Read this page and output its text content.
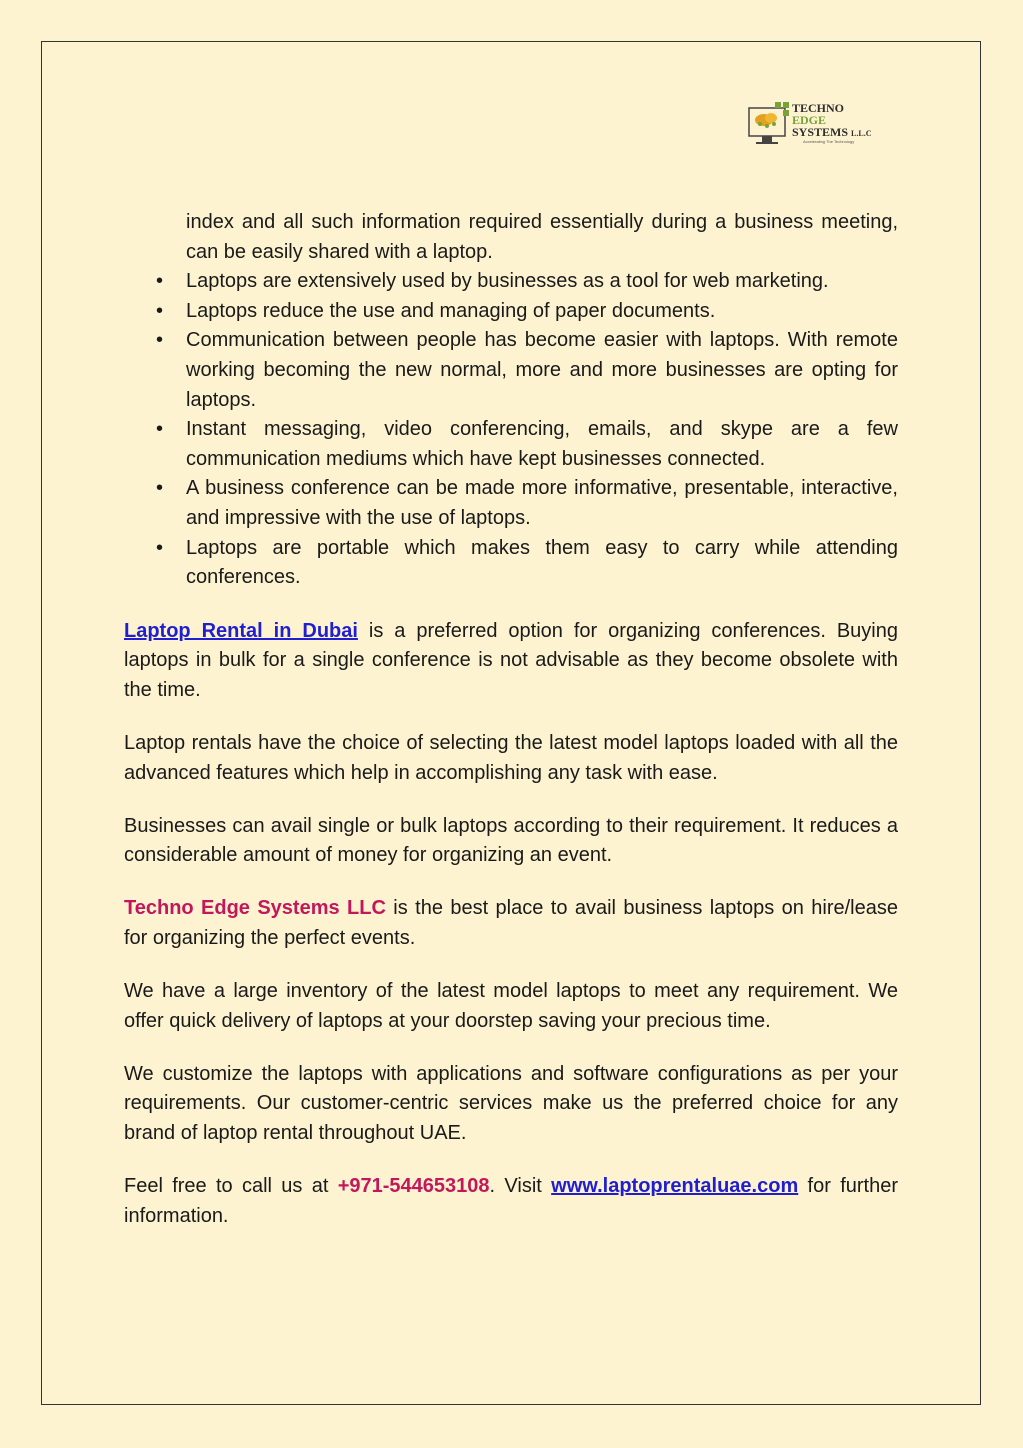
TECHNO
EDGE
SYSTEMS L.L.C
Accelerating The Technology
index and all such information required essentially during a business meeting, can be easily shared with a laptop.
• Laptops are extensively used by businesses as a tool for web marketing.
• Laptops reduce the use and managing of paper documents.
• Communication between people has become easier with laptops. With remote working becoming the new normal, more and more businesses are opting for laptops.
• Instant messaging, video conferencing, emails, and skype are a few communication mediums which have kept businesses connected.
• A business conference can be made more informative, presentable, interactive, and impressive with the use of laptops.
• Laptops are portable which makes them easy to carry while attending conferences.

Laptop Rental in Dubai is a preferred option for organizing conferences. Buying laptops in bulk for a single conference is not advisable as they become obsolete with the time.

Laptop rentals have the choice of selecting the latest model laptops loaded with all the advanced features which help in accomplishing any task with ease.

Businesses can avail single or bulk laptops according to their requirement. It reduces a considerable amount of money for organizing an event.

Techno Edge Systems LLC is the best place to avail business laptops on hire/lease for organizing the perfect events.

We have a large inventory of the latest model laptops to meet any requirement. We offer quick delivery of laptops at your doorstep saving your precious time.

We customize the laptops with applications and software configurations as per your requirements. Our customer-centric services make us the preferred choice for any brand of laptop rental throughout UAE.

Feel free to call us at +971-544653108. Visit www.laptoprentaluae.com for further information.
